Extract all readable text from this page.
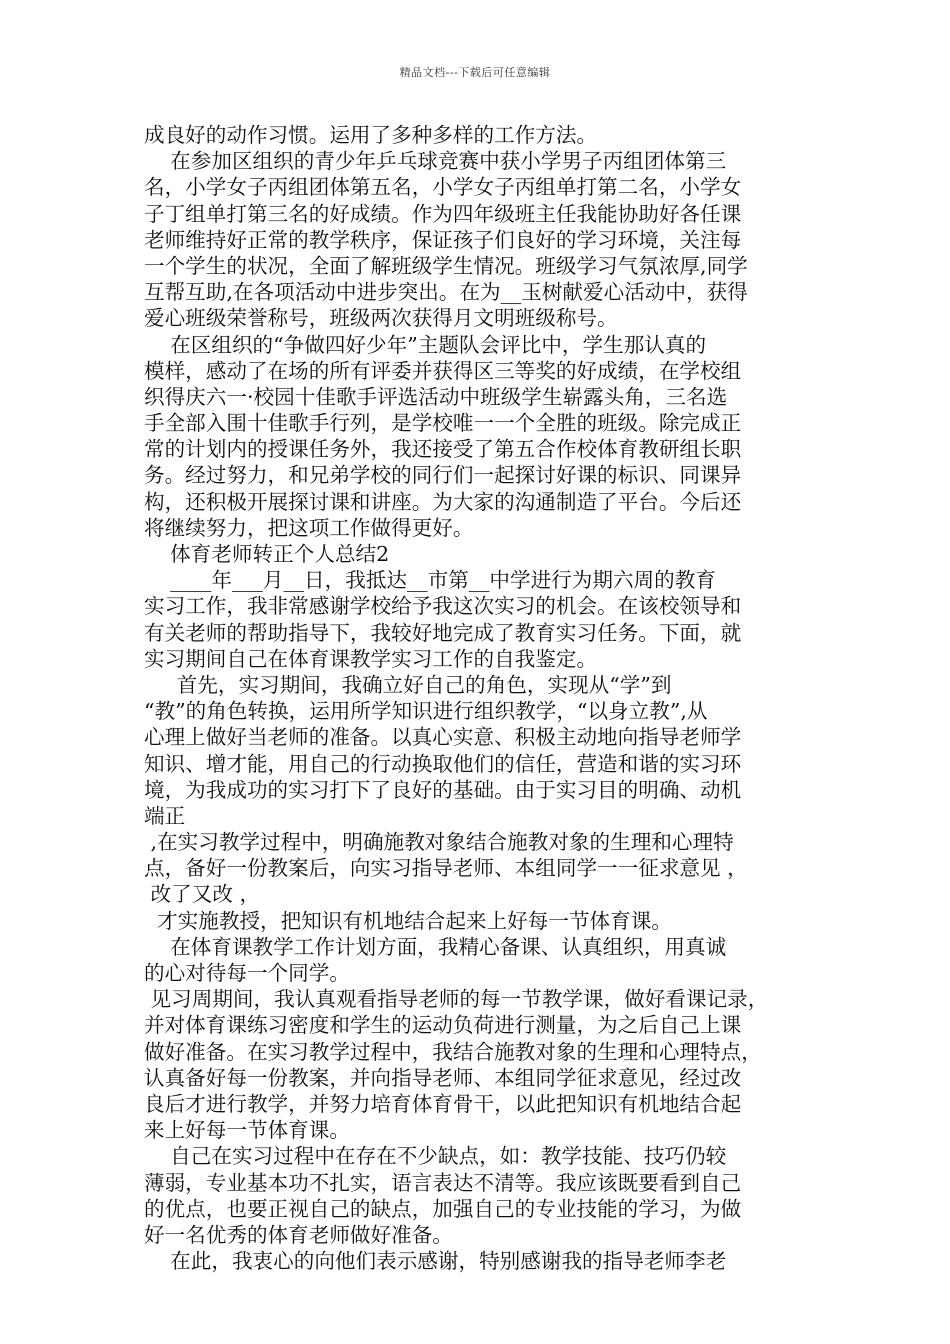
精品文档---下载后可任意编辑
成良好的动作习惯。运用了多种多样的工作方法。
在参加区组织的青少年乒乓球竞赛中获小学男子丙组团体第三
名，小学女子丙组团体第五名，小学女子丙组单打第二名，小学女
子丁组单打第三名的好成绩。作为四年级班主任我能协助好各任课
老师维持好正常的教学秩序，保证孩子们良好的学习环境，关注每
一个学生的状况，全面了解班级学生情况。班级学习气氛浓厚,同学
互帮互助,在各项活动中进步突出。在为__玉树献爱心活动中，获得
爱心班级荣誉称号，班级两次获得月文明班级称号。
在区组织的“争做四好少年”主题队会评比中，学生那认真的
模样，感动了在场的所有评委并获得区三等奖的好成绩，在学校组
织得庆六一·校园十佳歌手评选活动中班级学生崭露头角，三名选
手全部入围十佳歌手行列，是学校唯一一个全胜的班级。除完成正
常的计划内的授课任务外，我还接受了第五合作校体育教研组长职
务。经过努力，和兄弟学校的同行们一起探讨好课的标识、同课异
构，还积极开展探讨课和讲座。为大家的沟通制造了平台。今后还
将继续努力，把这项工作做得更好。
体育老师转正个人总结2
____年___月__日，我抵达__市第__中学进行为期六周的教育
实习工作，我非常感谢学校给予我这次实习的机会。在该校领导和
有关老师的帮助指导下，我较好地完成了教育实习任务。下面，就
实习期间自己在体育课教学实习工作的自我鉴定。
首先，实习期间，我确立好自己的角色，实现从“学”到
“教”的角色转换，运用所学知识进行组织教学，“以身立教”,从
心理上做好当老师的准备。以真心实意、积极主动地向指导老师学
知识、增才能，用自己的行动换取他们的信任，营造和谐的实习环
境，为我成功的实习打下了良好的基础。由于实习目的明确、动机
端正
,在实习教学过程中，明确施教对象结合施教对象的生理和心理特
点，备好一份教案后，向实习指导老师、本组同学一一征求意见 ，
改了又改 ，
才实施教授，把知识有机地结合起来上好每一节体育课。
在体育课教学工作计划方面，我精心备课、认真组织，用真诚
的心对待每一个同学。
见习周期间，我认真观看指导老师的每一节教学课，做好看课记录，
并对体育课练习密度和学生的运动负荷进行测量，为之后自己上课
做好准备。在实习教学过程中，我结合施教对象的生理和心理特点，
认真备好每一份教案，并向指导老师、本组同学征求意见，经过改
良后才进行教学，并努力培育体育骨干，以此把知识有机地结合起
来上好每一节体育课。
自己在实习过程中在存在不少缺点，如：教学技能、技巧仍较
薄弱，专业基本功不扎实，语言表达不清等。我应该既要看到自己
的优点，也要正视自己的缺点，加强自己的专业技能的学习，为做
好一名优秀的体育老师做好准备。
在此，我衷心的向他们表示感谢，特别感谢我的指导老师李老
